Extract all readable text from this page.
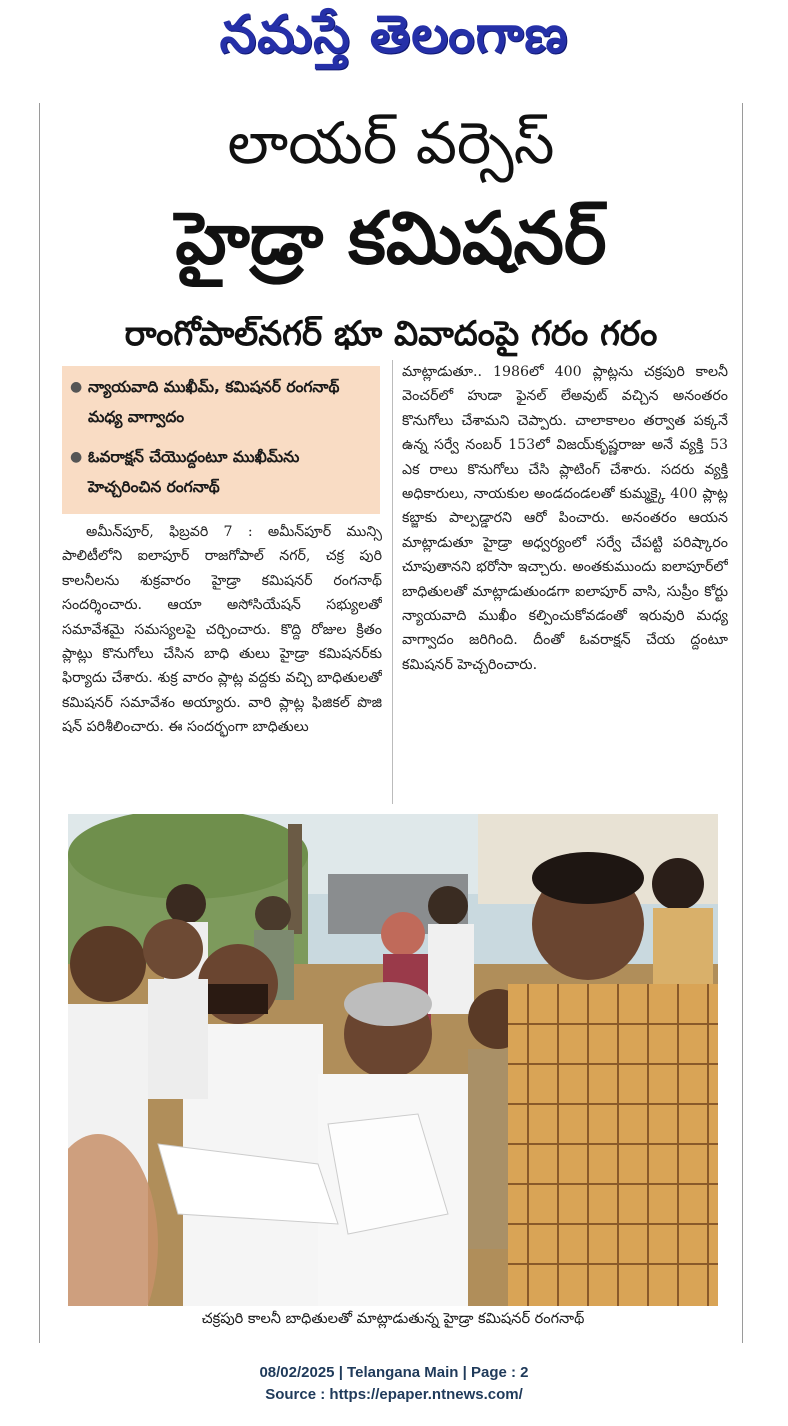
నమస్తే తెలంగాణ
లాయర్ వర్సెస్
హైడ్రా కమిషనర్
రాంగోపాల్‌నగర్ భూ వివాదంపై గరం గరం
● న్యాయవాది ముఖీమ్, కమిషనర్ రంగనాథ్ మధ్య వాగ్వాదం
● ఓవరాక్షన్ చేయొద్దంటూ ముఖీమ్‌ను హెచ్చరించిన రంగనాథ్
అమీన్‌పూర్, ఫిబ్రవరి 7 : అమీన్‌పూర్ మున్సి పాలిటీలోని ఐలాపూర్ రాజగోపాల్ నగర్, చక్ర పురి కాలనీలను శుక్రవారం హైడ్రా కమిషనర్ రంగనాథ్ సందర్శించారు. ఆయా అసోసియేషన్ సభ్యులతో సమావేశమై సమస్యలపై చర్చించారు. కొద్ది రోజుల క్రితం ప్లాట్లు కొనుగోలు చేసిన బాధి తులు హైడ్రా కమిషనర్‌కు ఫిర్యాదు చేశారు. శుక్ర వారం ప్లాట్ల వద్దకు వచ్చి బాధితులతో కమిషనర్ సమావేశం అయ్యారు. వారి ప్లాట్ల ఫిజికల్ పొజి షన్ పరిశీలించారు. ఈ సందర్భంగా బాధితులు
మాట్లాడుతూ.. 1986లో 400 ప్లాట్లను చక్రపురి కాలనీ వెంచర్‌లో హుడా ఫైనల్ లేఅవుట్ వచ్చిన అనంతరం కొనుగోలు చేశామని చెప్పారు. చాలాకాలం తర్వాత పక్కనే ఉన్న సర్వే నంబర్ 153లో విజయ్‌కృష్ణరాజు అనే వ్యక్తి 53 ఎక రాలు కొనుగోలు చేసి ప్లాటింగ్ చేశారు. సదరు వ్యక్తి అధికారులు, నాయకుల అండదండలతో కుమ్మక్కై 400 ప్లాట్ల కబ్జాకు పాల్పడ్డారని ఆరో పించారు. అనంతరం ఆయన మాట్లాడుతూ హైడ్రా అధ్వర్యంలో సర్వే చేపట్టి పరిష్కారం చూపుతానని భరోసా ఇచ్చారు. అంతకుముందు ఐలాపూర్‌లో బాధితులతో మాట్లాడుతుండగా ఐలాపూర్ వాసి, సుప్రీం కోర్టు న్యాయవాది ముఖీం కల్పించుకోవడంతో ఇరువురి మధ్య వాగ్వాదం జరిగింది. దీంతో ఓవరాక్షన్ చేయ ద్దంటూ కమిషనర్ హెచ్చరించారు.
చక్రపురి కాలనీ బాధితులతో మాట్లాడుతున్న హైడ్రా కమిషనర్ రంగనాథ్
08/02/2025 | Telangana Main | Page : 2
Source : https://epaper.ntnews.com/
